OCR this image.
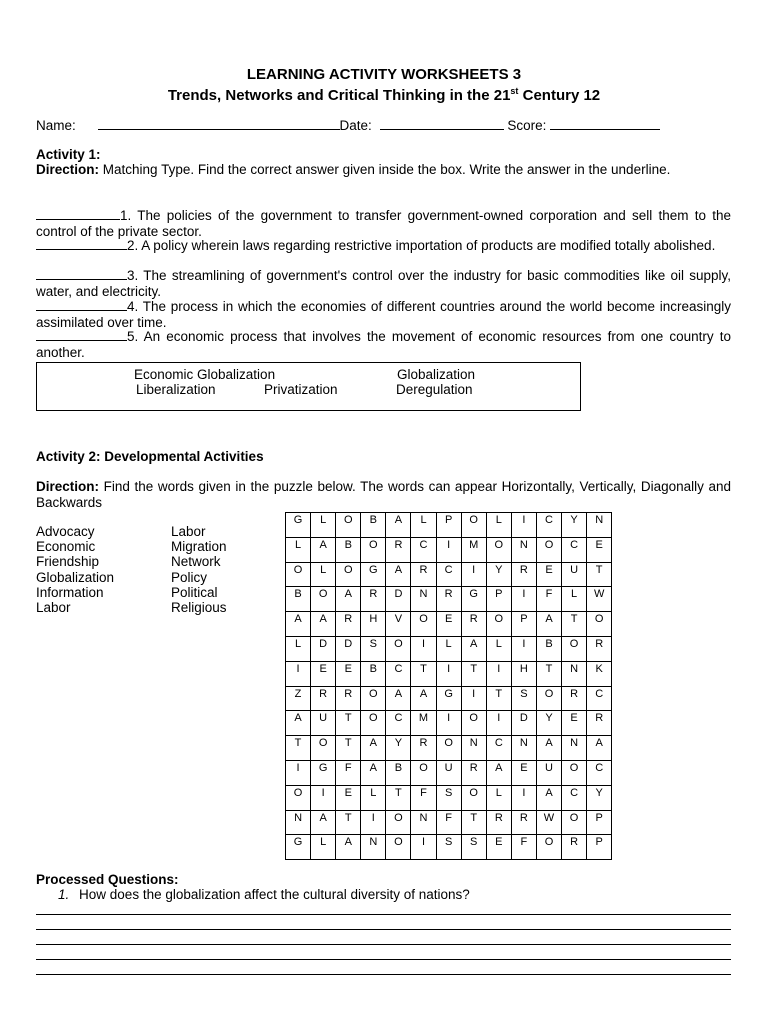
LEARNING ACTIVITY WORKSHEETS 3
Trends, Networks and Critical Thinking in the 21st Century 12
Name:	Date:	Score:
Activity 1:
Direction: Matching Type. Find the correct answer given inside the box. Write the answer in the underline.
1. The policies of the government to transfer government-owned corporation and sell them to the control of the private sector.
2. A policy wherein laws regarding restrictive importation of products are modified totally abolished.
3. The streamlining of government's control over the industry for basic commodities like oil supply, water, and electricity.
4. The process in which the economies of different countries around the world become increasingly assimilated over time.
5. An economic process that involves the movement of economic resources from one country to another.
Economic Globalization	Globalization
Liberalization	Privatization	Deregulation
Activity 2: Developmental Activities
Direction: Find the words given in the puzzle below. The words can appear Horizontally, Vertically, Diagonally and Backwards
Advocacy
Economic
Friendship
Globalization
Information
Labor
Labor
Migration
Network
Policy
Political
Religious
G	L	O	B	A	L	P	O	L	I	C	Y	N
L	A	B	O	R	C	I	M	O	N	O	C	E
O	L	O	G	A	R	C	I	Y	R	E	U	T
B	O	A	R	D	N	R	G	P	I	F	L	W
A	A	R	H	V	O	E	R	O	P	A	T	O
L	D	D	S	O	I	L	A	L	I	B	O	R
I	E	E	B	C	T	I	T	I	H	T	N	K
Z	R	R	O	A	A	G	I	T	S	O	R	C
A	U	T	O	C	M	I	O	I	D	Y	E	R
T	O	T	A	Y	R	O	N	C	N	A	N	A
I	G	F	A	B	O	U	R	A	E	U	O	C
O	I	E	L	T	F	S	O	L	I	A	C	Y
N	A	T	I	O	N	F	T	R	R	W	O	P
G	L	A	N	O	I	S	S	E	F	O	R	P
Processed Questions:
1. How does the globalization affect the cultural diversity of nations?
